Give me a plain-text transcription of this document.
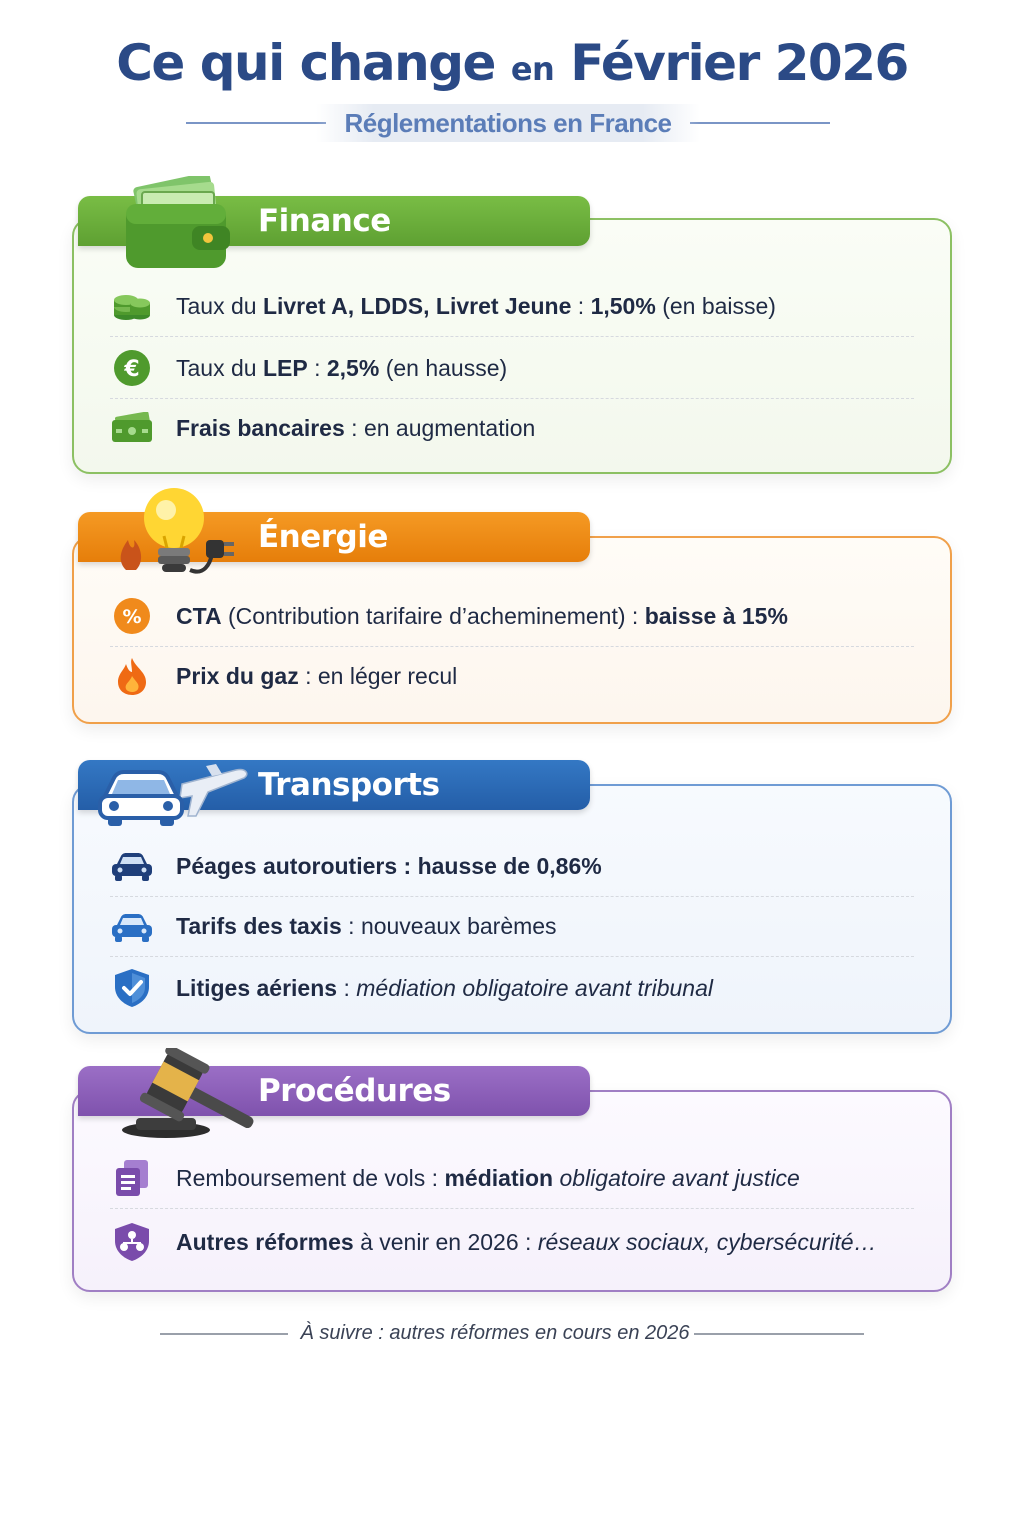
Ce qui change en Février 2026
Réglementations en France
Finance
Taux du Livret A, LDDS, Livret Jeune : 1,50% (en baisse)
€ Taux du LEP : 2,5% (en hausse)
Frais bancaires : en augmentation
Énergie
% CTA (Contribution tarifaire d’acheminement) : baisse à 15%
Prix du gaz : en léger recul
Transports
Péages autoroutiers : hausse de 0,86%
Tarifs des taxis : nouveaux barèmes
Litiges aériens : médiation obligatoire avant tribunal
Procédures
Remboursement de vols : médiation obligatoire avant justice
Autres réformes à venir en 2026 : réseaux sociaux, cybersécurité…
À suivre : autres réformes en cours en 2026
